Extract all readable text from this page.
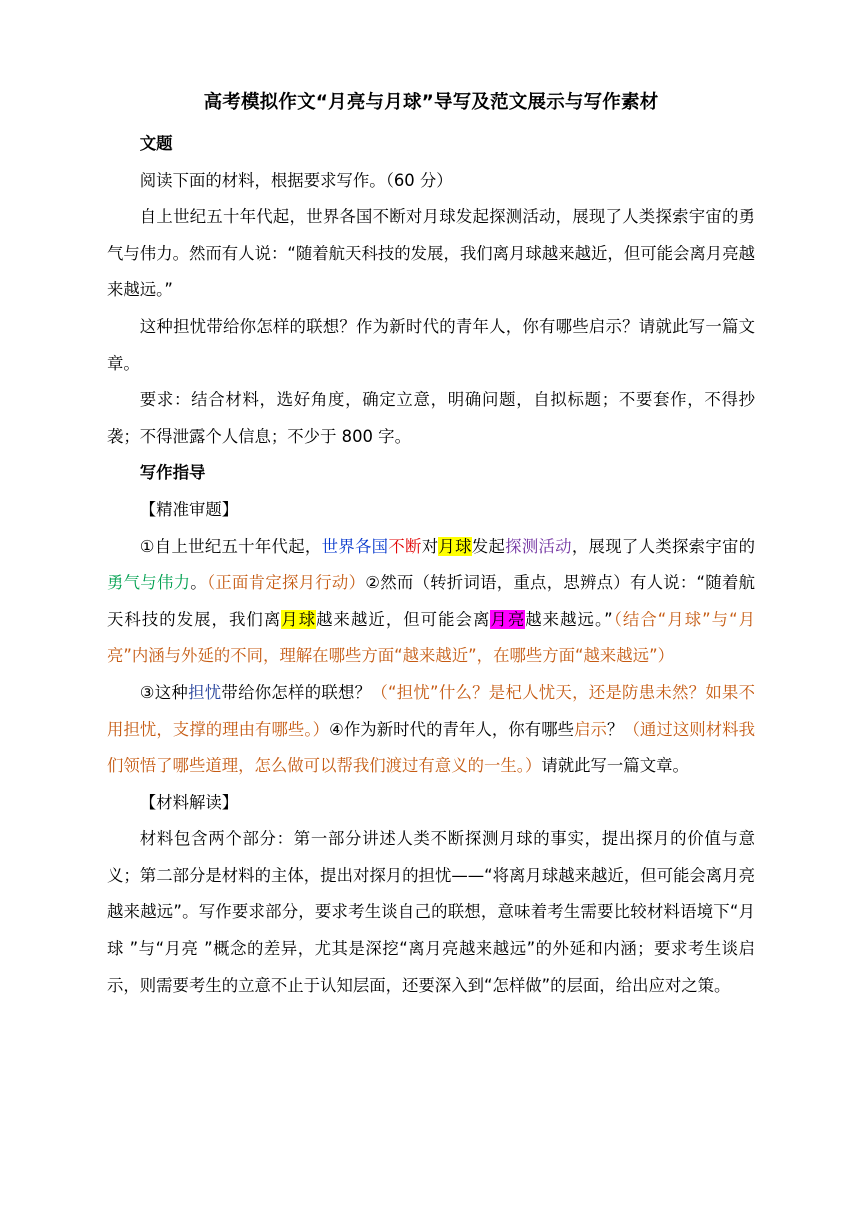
高考模拟作文“月亮与月球”导写及范文展示与写作素材

文题

阅读下面的材料，根据要求写作。（60 分）

自上世纪五十年代起，世界各国不断对月球发起探测活动，展现了人类探索宇宙的勇气与伟力。然而有人说：“随着航天科技的发展，我们离月球越来越近，但可能会离月亮越来越远。”

这种担忧带给你怎样的联想？作为新时代的青年人，你有哪些启示？请就此写一篇文章。

要求：结合材料，选好角度，确定立意，明确问题，自拟标题；不要套作，不得抄袭；不得泄露个人信息；不少于 800 字。

写作指导

【精准审题】

①自上世纪五十年代起，世界各国不断对月球发起探测活动，展现了人类探索宇宙的勇气与伟力。（正面肯定探月行动）②然而（转折词语，重点，思辨点）有人说：“随着航天科技的发展，我们离月球越来越近，但可能会离月亮越来越远。”（结合“月球”与“月亮”内涵与外延的不同，理解在哪些方面“越来越近”，在哪些方面“越来越远”）

③这种担忧带给你怎样的联想？（“担忧”什么？是杞人忧天，还是防患未然？如果不用担忧，支撑的理由有哪些。）④作为新时代的青年人，你有哪些启示？（通过这则材料我们领悟了哪些道理，怎么做可以帮我们渡过有意义的一生。）请就此写一篇文章。

【材料解读】

材料包含两个部分：第一部分讲述人类不断探测月球的事实，提出探月的价值与意义；第二部分是材料的主体，提出对探月的担忧——“将离月球越来越近，但可能会离月亮越来越远”。写作要求部分，要求考生谈自己的联想，意味着考生需要比较材料语境下“月球 ”与“月亮 ”概念的差异，尤其是深挖“离月亮越来越远”的外延和内涵；要求考生谈启示，则需要考生的立意不止于认知层面，还要深入到“怎样做”的层面，给出应对之策。
